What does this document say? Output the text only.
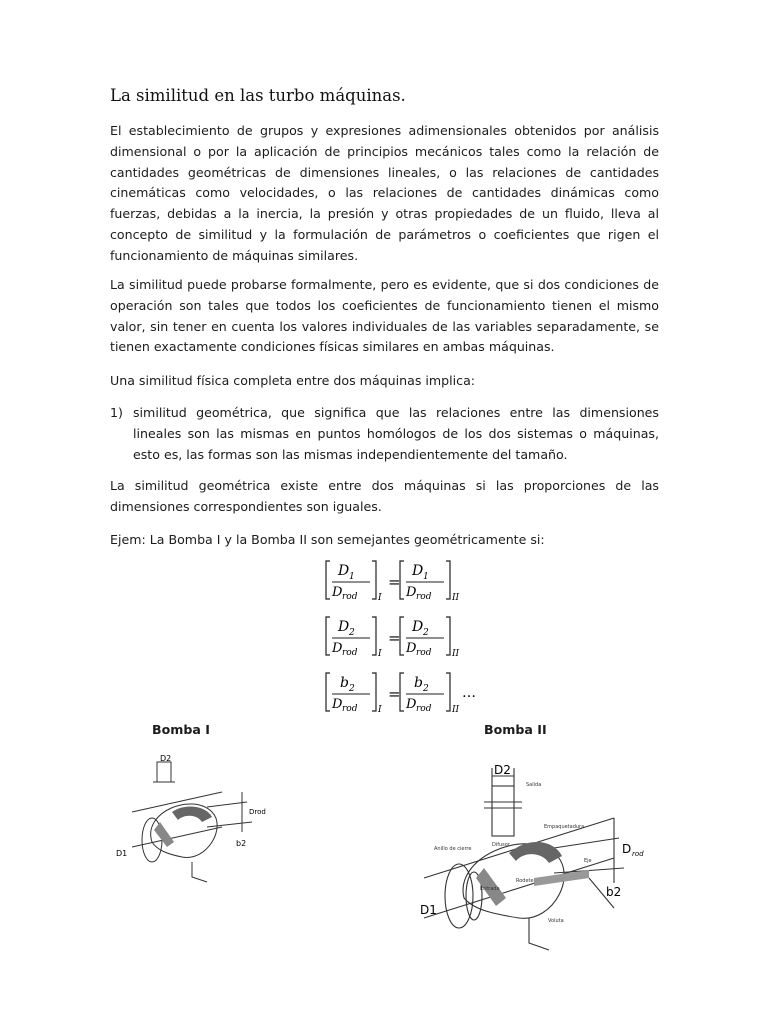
La similitud en las turbo máquinas.

El establecimiento de grupos y expresiones adimensionales obtenidos por análisis dimensional o por la aplicación de principios mecánicos tales como la relación de cantidades geométricas de dimensiones lineales, o las relaciones de cantidades cinemáticas como velocidades, o las relaciones de cantidades dinámicas como fuerzas, debidas a la inercia, la presión y otras propiedades de un fluido, lleva al concepto de similitud y la formulación de parámetros o coeficientes que rigen el funcionamiento de máquinas similares.

La similitud puede probarse formalmente, pero es evidente, que si dos condiciones de operación son tales que todos los coeficientes de funcionamiento tienen el mismo valor, sin tener en cuenta los valores individuales de las variables separadamente, se tienen exactamente condiciones físicas similares en ambas máquinas.

Una similitud física completa entre dos máquinas implica:

1) similitud geométrica, que significa que las relaciones entre las dimensiones lineales son las mismas en puntos homólogos de los dos sistemas o máquinas, esto es, las formas son las mismas independientemente del tamaño.

La similitud geométrica existe entre dos máquinas si las proporciones de las dimensiones correspondientes son iguales.

Ejem: La Bomba I y la Bomba II son semejantes geométricamente si:

D 1
D rod I
=
D 1
D rod II
D 2
D rod I
=
D 2
D rod II
b 2
D rod I
=
b 2
D rod II
…
Bomba I	Bomba II
D2
Drod
D1
b2
D2
D rod
D1
b2
Salida
Difusor
Empaquetadura
Anillo de cierre
Rodete
Eje
Entrada
Voluta
